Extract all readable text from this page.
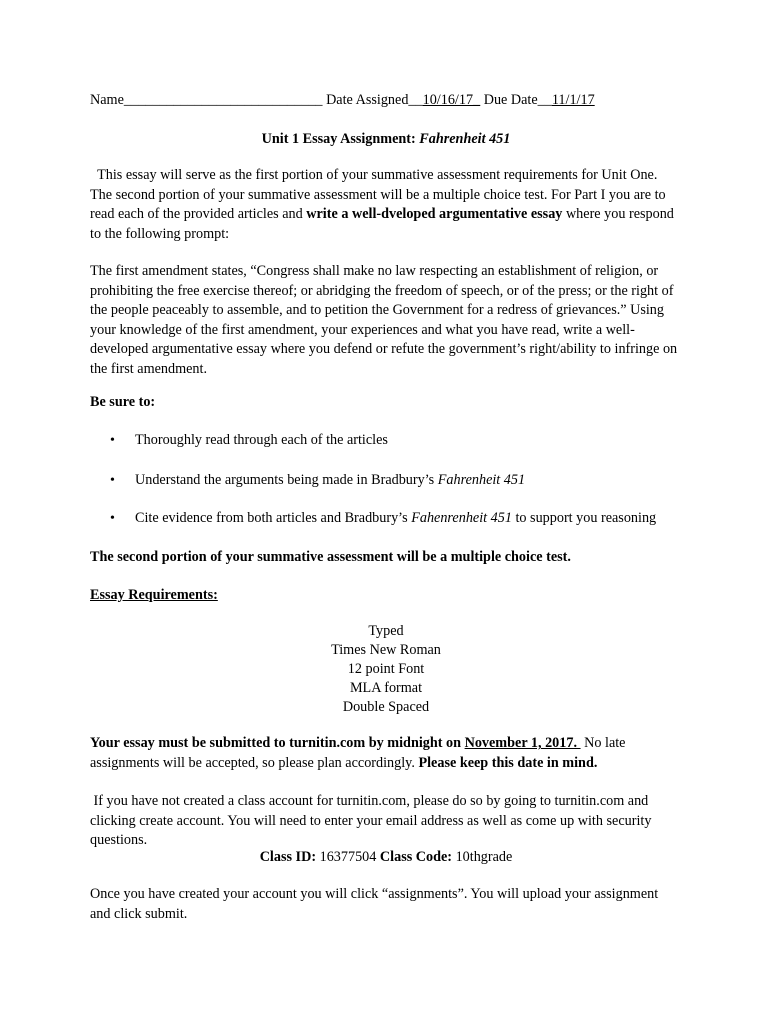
Name____________________________ Date Assigned__10/16/17_ Due Date__11/1/17
Unit 1 Essay Assignment: Fahrenheit 451
This essay will serve as the first portion of your summative assessment requirements for Unit One. The second portion of your summative assessment will be a multiple choice test. For Part I you are to read each of the provided articles and write a well-dveloped argumentative essay where you respond to the following prompt:
The first amendment states, “Congress shall make no law respecting an establishment of religion, or prohibiting the free exercise thereof; or abridging the freedom of speech, or of the press; or the right of the people peaceably to assemble, and to petition the Government for a redress of grievances.” Using your knowledge of the first amendment, your experiences and what you have read, write a well-developed argumentative essay where you defend or refute the government’s right/ability to infringe on the first amendment.
Be sure to:
• Thoroughly read through each of the articles
• Understand the arguments being made in Bradbury’s Fahrenheit 451
• Cite evidence from both articles and Bradbury’s Fahenrenheit 451 to support you reasoning
The second portion of your summative assessment will be a multiple choice test.
Essay Requirements:
Typed
Times New Roman
12 point Font
MLA format
Double Spaced
Your essay must be submitted to turnitin.com by midnight on November 1, 2017.  No late assignments will be accepted, so please plan accordingly. Please keep this date in mind.
If you have not created a class account for turnitin.com, please do so by going to turnitin.com and clicking create account. You will need to enter your email address as well as come up with security questions.
Class ID: 16377504 Class Code: 10thgrade
Once you have created your account you will click “assignments”. You will upload your assignment and click submit.
